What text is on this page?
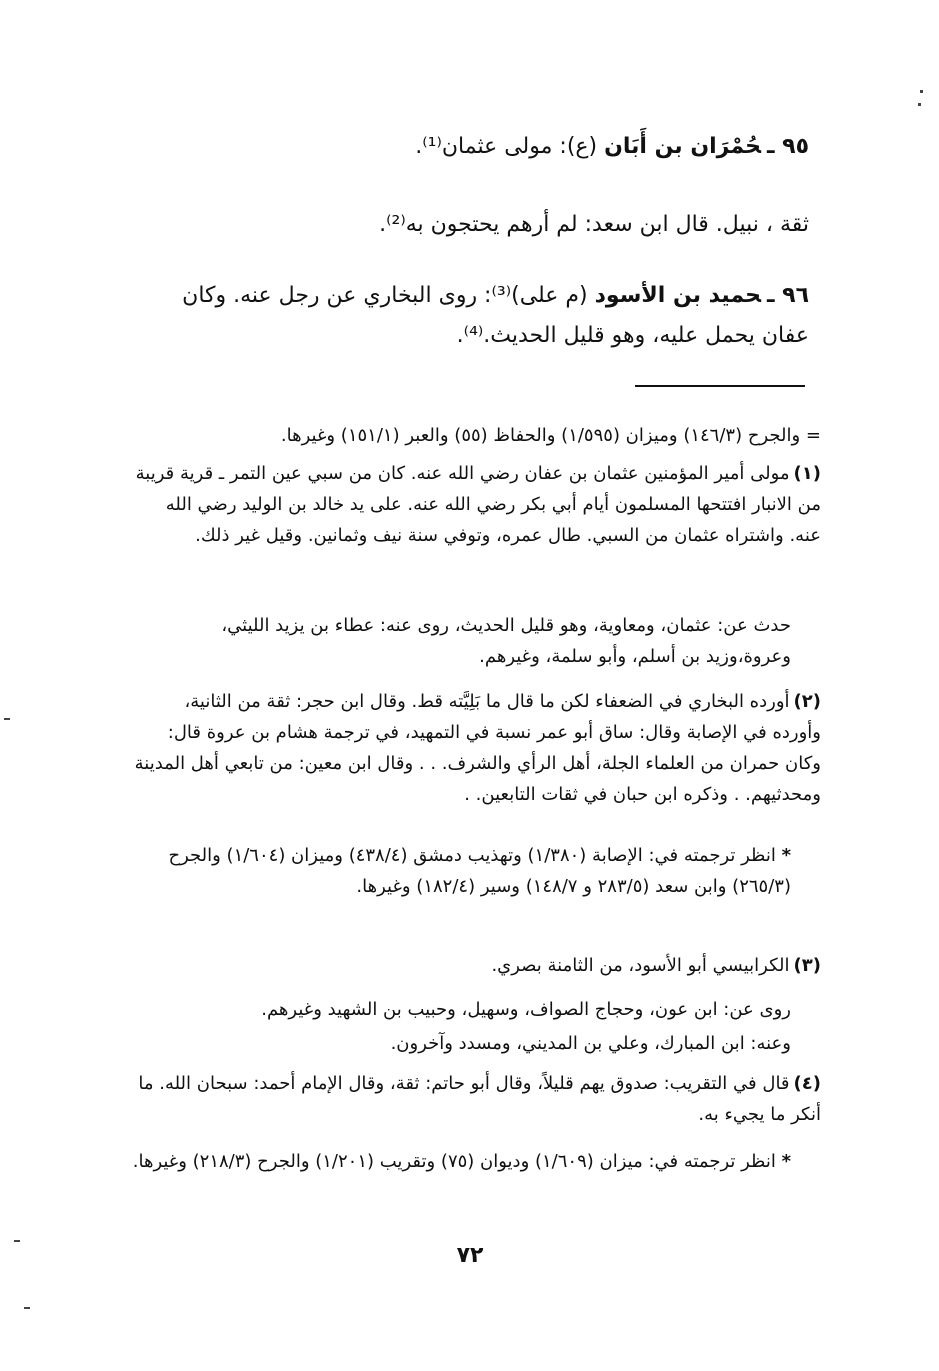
٩٥ ـحُمْرَان بن أَبَان (ع): مولى عثمان⁽¹⁾.
ثقة ، نبيل. قال ابن سعد: لم أرهم يحتجون به⁽²⁾.
٩٦ ـحميد بن الأسود (م على)⁽³⁾: روى البخاري عن رجل عنه. وكان عفان يحمل عليه، وهو قليل الحديث.⁽⁴⁾.
= والجرح (١٤٦/٣) وميزان (١/٥٩٥) والحفاظ (٥٥) والعبر (١٥١/١) وغيرها.
(١)مولى أمير المؤمنين عثمان بن عفان رضي الله عنه. كان من سبي عين التمر ـ قرية قريبة من الانبار افتتحها المسلمون أيام أبي بكر رضي الله عنه. على يد خالد بن الوليد رضي الله عنه. واشتراه عثمان من السبي. طال عمره، وتوفي سنة نيف وثمانين. وقيل غير ذلك.
حدث عن: عثمان، ومعاوية، وهو قليل الحديث، روى عنه: عطاء بن يزيد الليثي، وعروة،وزيد بن أسلم، وأبو سلمة، وغيرهم.
(٢)أورده البخاري في الضعفاء لكن ما قال ما بَلِيَّته قط. وقال ابن حجر: ثقة من الثانية، وأورده في الإصابة وقال: ساق أبو عمر نسبة في التمهيد، في ترجمة هشام بن عروة قال: وكان حمران من العلماء الجلة، أهل الرأي والشرف. . . وقال ابن معين: من تابعي أهل المدينة ومحدثيهم. . وذكره ابن حبان في ثقات التابعين. .
* انظر ترجمته في: الإصابة (١/٣٨٠) وتهذيب دمشق (٤٣٨/٤) وميزان (١/٦٠٤) والجرح (٢٦٥/٣) وابن سعد (٢٨٣/٥ و ١٤٨/٧) وسير (١٨٢/٤) وغيرها.
(٣)الكرابيسي أبو الأسود، من الثامنة بصري.
روى عن: ابن عون، وحجاج الصواف، وسهيل، وحبيب بن الشهيد وغيرهم.
وعنه: ابن المبارك، وعلي بن المديني، ومسدد وآخرون.
(٤)قال في التقريب: صدوق يهم قليلاً، وقال أبو حاتم: ثقة، وقال الإمام أحمد: سبحان الله. ما أنكر ما يجيء به.
* انظر ترجمته في: ميزان (١/٦٠٩) وديوان (٧٥) وتقريب (١/٢٠١) والجرح (٢١٨/٣) وغيرها.
٧٢
